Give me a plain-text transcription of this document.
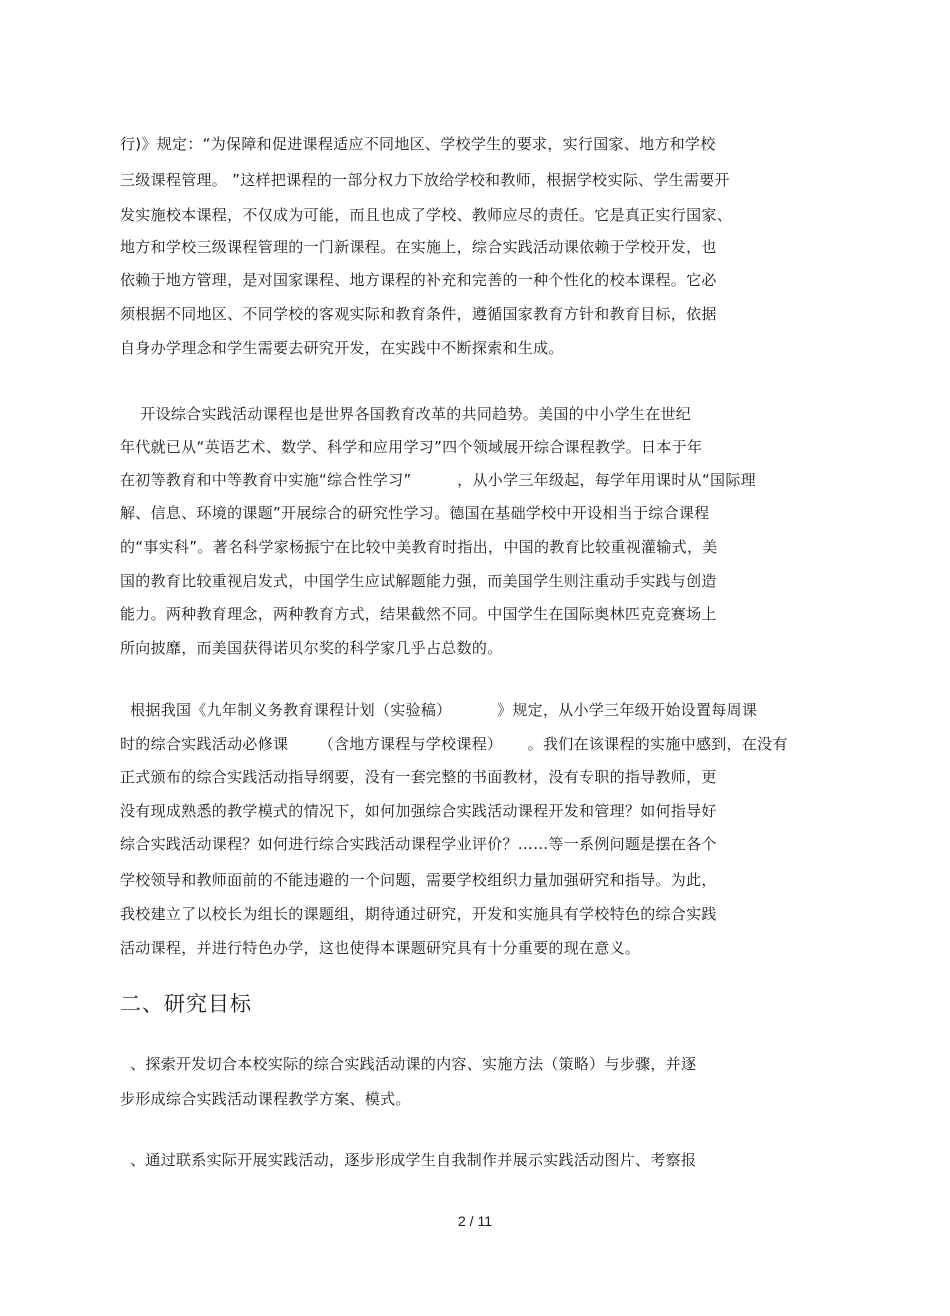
行)》规定：“为保障和促进课程适应不同地区、学校学生的要求，实行国家、地方和学校
三级课程管理。 ”这样把课程的一部分权力下放给学校和教师，根据学校实际、学生需要开
发实施校本课程，不仅成为可能，而且也成了学校、教师应尽的责任。它是真正实行国家、
地方和学校三级课程管理的一门新课程。在实施上，综合实践活动课依赖于学校开发，也
依赖于地方管理，是对国家课程、地方课程的补充和完善的一种个性化的校本课程。它必
须根据不同地区、不同学校的客观实际和教育条件，遵循国家教育方针和教育目标，依据
自身办学理念和学生需要去研究开发，在实践中不断探索和生成。
开设综合实践活动课程也是世界各国教育改革的共同趋势。美国的中小学生在世纪
年代就已从“英语艺术、数学、科学和应用学习”四个领域展开综合课程教学。日本于年
在初等教育和中等教育中实施“综合性学习”         ，从小学三年级起，每学年用课时从“国际理
解、信息、环境的课题”开展综合的研究性学习。德国在基础学校中开设相当于综合课程
的“事实科”。著名科学家杨振宁在比较中美教育时指出，中国的教育比较重视灌输式，美
国的教育比较重视启发式，中国学生应试解题能力强，而美国学生则注重动手实践与创造
能力。两种教育理念，两种教育方式，结果截然不同。中国学生在国际奥林匹克竞赛场上
所向披靡，而美国获得诺贝尔奖的科学家几乎占总数的。
根据我国《九年制义务教育课程计划（实验稿）         》规定，从小学三年级开始设置每周课
时的综合实践活动必修课      （含地方课程与学校课程）     。我们在该课程的实施中感到，在没有
正式颁布的综合实践活动指导纲要，没有一套完整的书面教材，没有专职的指导教师，更
没有现成熟悉的教学模式的情况下，如何加强综合实践活动课程开发和管理？如何指导好
综合实践活动课程？如何进行综合实践活动课程学业评价？……等一系例问题是摆在各个
学校领导和教师面前的不能违避的一个问题，需要学校组织力量加强研究和指导。为此，
我校建立了以校长为组长的课题组，期待通过研究，开发和实施具有学校特色的综合实践
活动课程，并进行特色办学，这也使得本课题研究具有十分重要的现在意义。
二、研究目标
、探索开发切合本校实际的综合实践活动课的内容、实施方法（策略）与步骤，并逐
步形成综合实践活动课程教学方案、模式。
、通过联系实际开展实践活动，逐步形成学生自我制作并展示实践活动图片、考察报
2 / 11
